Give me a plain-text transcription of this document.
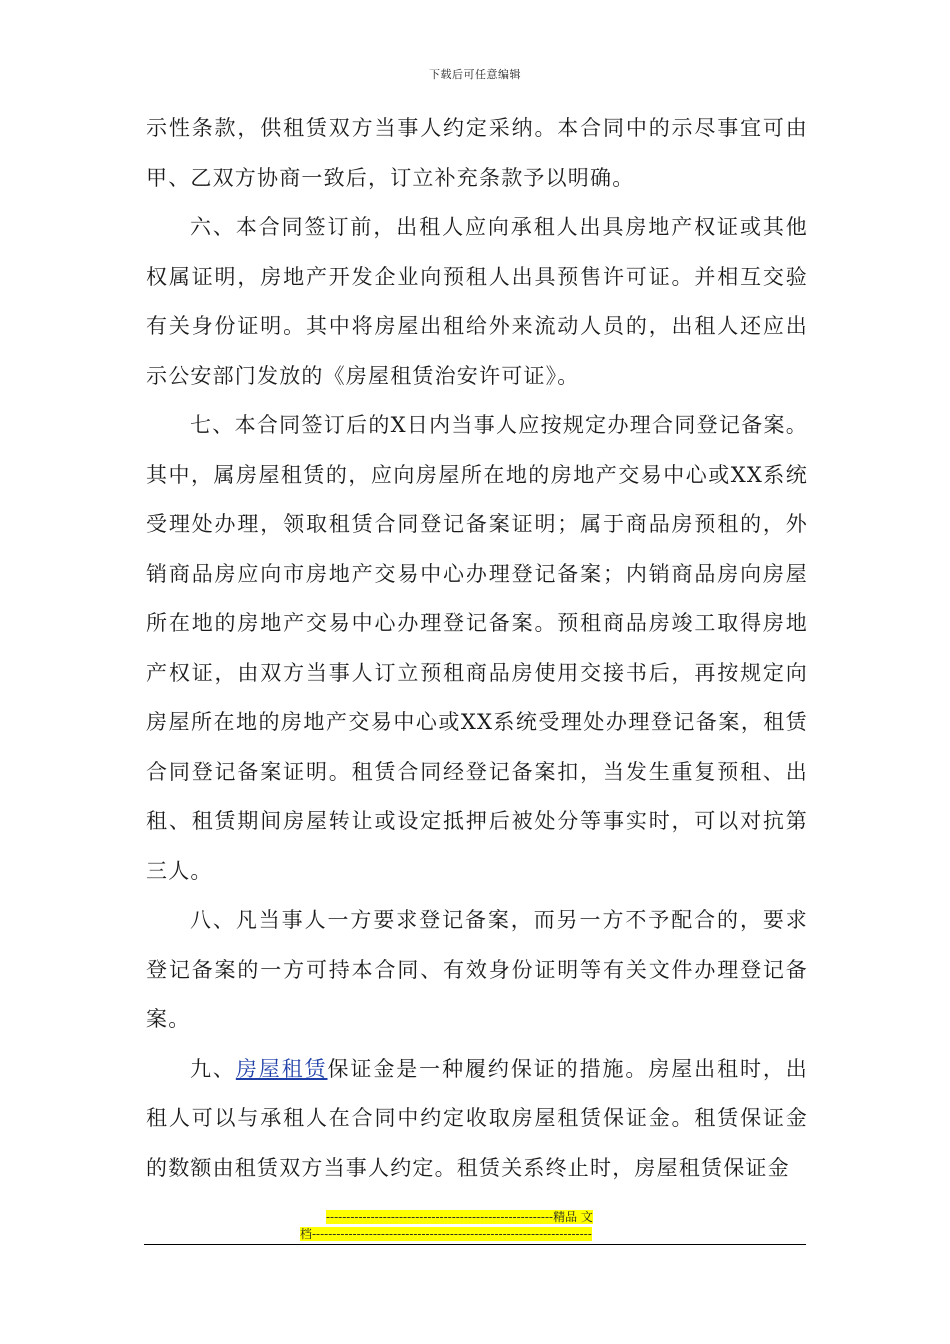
下载后可任意编辑

示性条款，供租赁双方当事人约定采纳。本合同中的示尽事宜可由甲、乙双方协商一致后，订立补充条款予以明确。

六、本合同签订前，出租人应向承租人出具房地产权证或其他权属证明，房地产开发企业向预租人出具预售许可证。并相互交验有关身份证明。其中将房屋出租给外来流动人员的，出租人还应出示公安部门发放的《房屋租赁治安许可证》。

七、本合同签订后的X日内当事人应按规定办理合同登记备案。其中，属房屋租赁的，应向房屋所在地的房地产交易中心或XX系统受理处办理，领取租赁合同登记备案证明；属于商品房预租的，外销商品房应向市房地产交易中心办理登记备案；内销商品房向房屋所在地的房地产交易中心办理登记备案。预租商品房竣工取得房地产权证，由双方当事人订立预租商品房使用交接书后，再按规定向房屋所在地的房地产交易中心或XX系统受理处办理登记备案，租赁合同登记备案证明。租赁合同经登记备案扣，当发生重复预租、出租、租赁期间房屋转让或设定抵押后被处分等事实时，可以对抗第三人。

八、凡当事人一方要求登记备案，而另一方不予配合的，要求登记备案的一方可持本合同、有效身份证明等有关文件办理登记备案。

九、房屋租赁保证金是一种履约保证的措施。房屋出租时，出租人可以与承租人在合同中约定收取房屋租赁保证金。租赁保证金的数额由租赁双方当事人约定。租赁关系终止时，房屋租赁保证金

--------------------------------------------------------精品 文
档---------------------------------------------------------------------
